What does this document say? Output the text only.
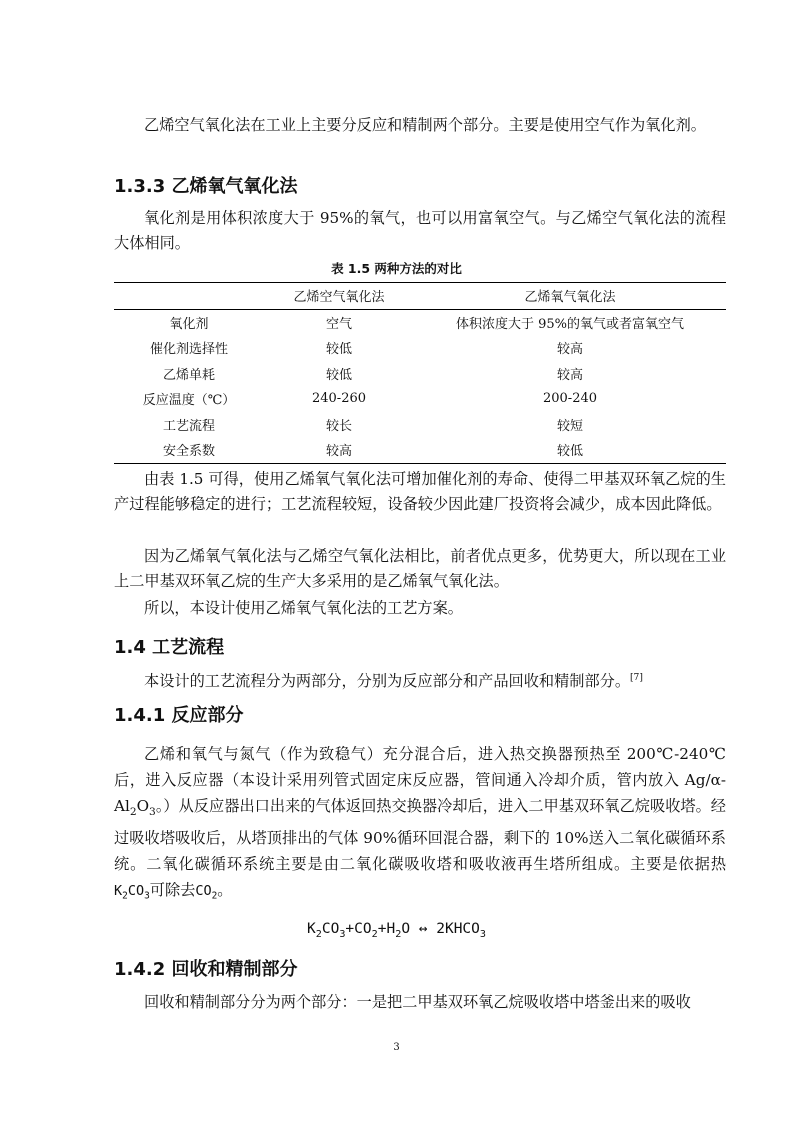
乙烯空气氧化法在工业上主要分反应和精制两个部分。主要是使用空气作为氧化剂。

1.3.3 乙烯氧气氧化法

氧化剂是用体积浓度大于 95%的氧气，也可以用富氧空气。与乙烯空气氧化法的流程大体相同。

表 1.5 两种方法的对比

	乙烯空气氧化法	乙烯氧气氧化法
氧化剂	空气	体积浓度大于 95%的氧气或者富氧空气
催化剂选择性	较低	较高
乙烯单耗	较低	较高
反应温度（℃）	240-260	200-240
工艺流程	较长	较短
安全系数	较高	较低

由表 1.5 可得，使用乙烯氧气氧化法可增加催化剂的寿命、使得二甲基双环氧乙烷的生产过程能够稳定的进行；工艺流程较短，设备较少因此建厂投资将会减少，成本因此降低。

因为乙烯氧气氧化法与乙烯空气氧化法相比，前者优点更多，优势更大，所以现在工业上二甲基双环氧乙烷的生产大多采用的是乙烯氧气氧化法。

所以，本设计使用乙烯氧气氧化法的工艺方案。

1.4 工艺流程

本设计的工艺流程分为两部分，分别为反应部分和产品回收和精制部分。[7]

1.4.1 反应部分

乙烯和氧气与氮气（作为致稳气）充分混合后，进入热交换器预热至 200℃-240℃后，进入反应器（本设计采用列管式固定床反应器，管间通入冷却介质，管内放入 $Ag/\alpha-Al_2O_3$。）从反应器出口出来的气体返回热交换器冷却后，进入二甲基双环氧乙烷吸收塔。经过吸收塔吸收后，从塔顶排出的气体 90%循环回混合器，剩下的 10%送入二氧化碳循环系统。二氧化碳循环系统主要是由二氧化碳吸收塔和吸收液再生塔所组成。主要是依据热$K_2CO_3$可除去$CO_2$。

$K_2CO_3+CO_2+H_2O$ ↔ $2KHCO_3$

1.4.2 回收和精制部分

回收和精制部分分为两个部分：一是把二甲基双环氧乙烷吸收塔中塔釜出来的吸收

3
